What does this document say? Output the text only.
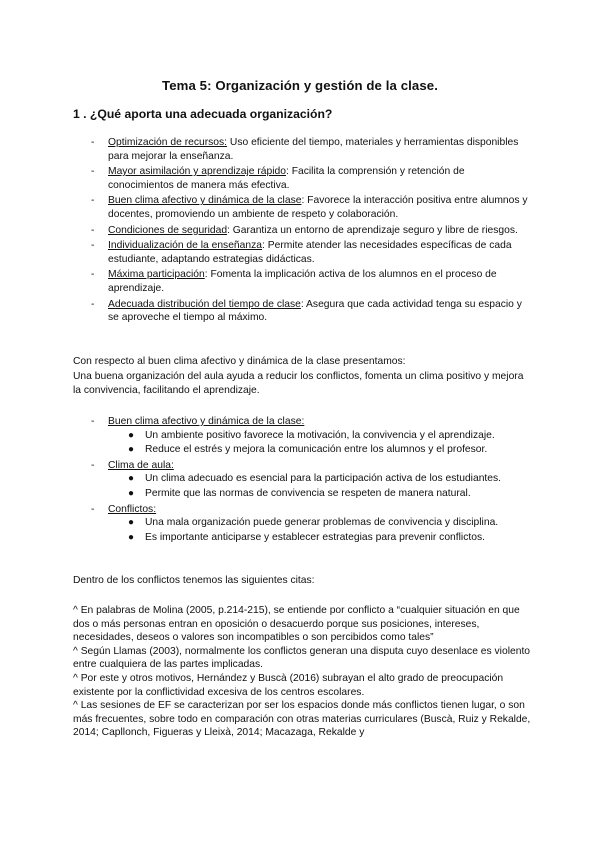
Tema 5: Organización y gestión de la clase.
1 . ¿Qué aporta una adecuada organización?
- Optimización de recursos: Uso eficiente del tiempo, materiales y herramientas disponibles para mejorar la enseñanza.
- Mayor asimilación y aprendizaje rápido: Facilita la comprensión y retención de conocimientos de manera más efectiva.
- Buen clima afectivo y dinámica de la clase: Favorece la interacción positiva entre alumnos y docentes, promoviendo un ambiente de respeto y colaboración.
- Condiciones de seguridad: Garantiza un entorno de aprendizaje seguro y libre de riesgos.
- Individualización de la enseñanza: Permite atender las necesidades específicas de cada estudiante, adaptando estrategias didácticas.
- Máxima participación: Fomenta la implicación activa de los alumnos en el proceso de aprendizaje.
- Adecuada distribución del tiempo de clase: Asegura que cada actividad tenga su espacio y se aproveche el tiempo al máximo.

Con respecto al buen clima afectivo y dinámica de la clase presentamos:

Una buena organización del aula ayuda a reducir los conflictos, fomenta un clima positivo y mejora la convivencia, facilitando el aprendizaje.

- Buen clima afectivo y dinámica de la clase:
● Un ambiente positivo favorece la motivación, la convivencia y el aprendizaje.
● Reduce el estrés y mejora la comunicación entre los alumnos y el profesor.
- Clima de aula:
● Un clima adecuado es esencial para la participación activa de los estudiantes.
● Permite que las normas de convivencia se respeten de manera natural.
- Conflictos:
● Una mala organización puede generar problemas de convivencia y disciplina.
● Es importante anticiparse y establecer estrategias para prevenir conflictos.

Dentro de los conflictos tenemos las siguientes citas:

^ En palabras de Molina (2005, p.214-215), se entiende por conflicto a “cualquier situación en que dos o más personas entran en oposición o desacuerdo porque sus posiciones, intereses, necesidades, deseos o valores son incompatibles o son percibidos como tales”
^ Según Llamas (2003), normalmente los conflictos generan una disputa cuyo desenlace es violento entre cualquiera de las partes implicadas.
^ Por este y otros motivos, Hernández y Buscà (2016) subrayan el alto grado de preocupación existente por la conflictividad excesiva de los centros escolares.
^ Las sesiones de EF se caracterizan por ser los espacios donde más conflictos tienen lugar, o son más frecuentes, sobre todo en comparación con otras materias curriculares (Buscà, Ruiz y Rekalde, 2014; Capllonch, Figueras y Lleixà, 2014; Macazaga, Rekalde y
